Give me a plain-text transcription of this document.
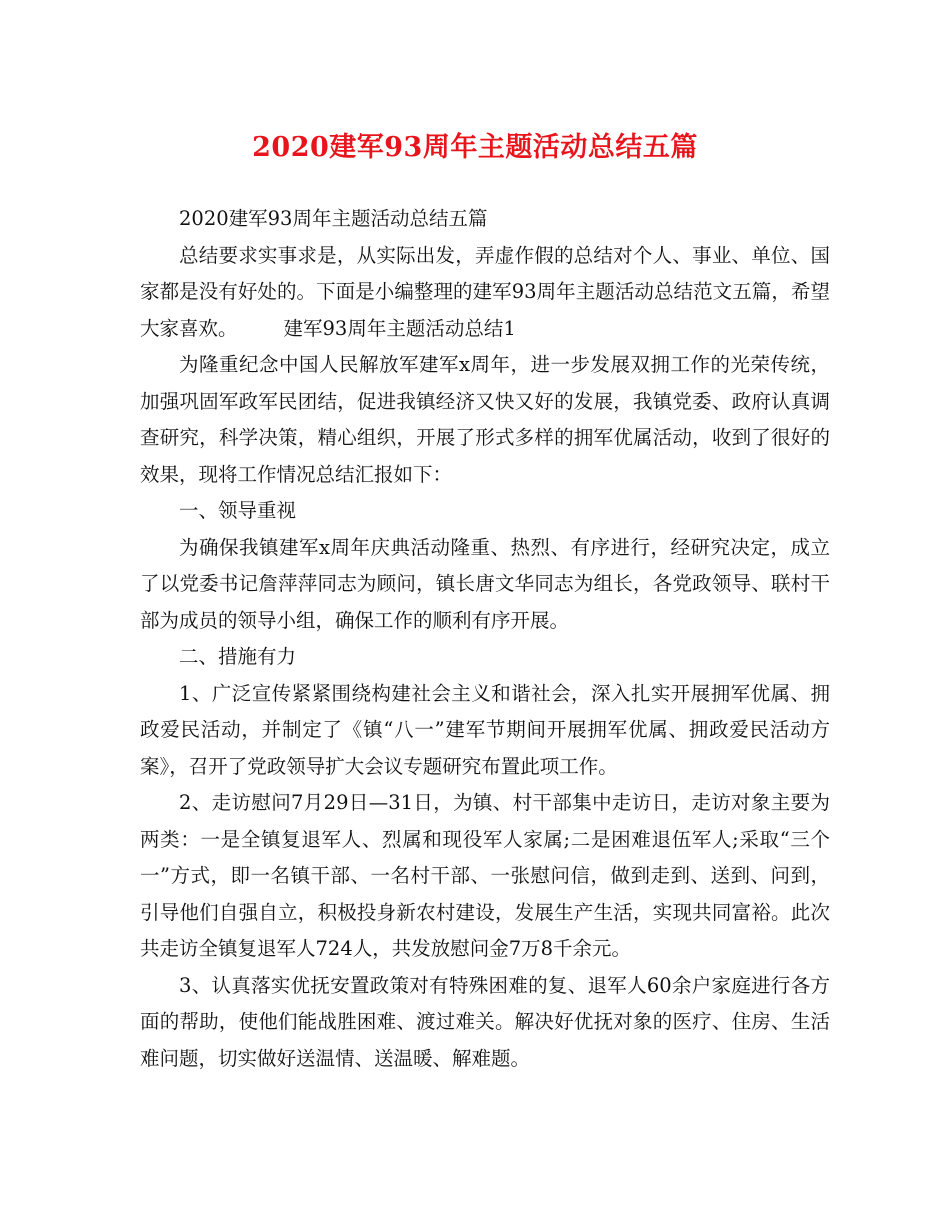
2020建军93周年主题活动总结五篇

2020建军93周年主题活动总结五篇

总结要求实事求是，从实际出发，弄虚作假的总结对个人、事业、单位、国家都是没有好处的。下面是小编整理的建军93周年主题活动总结范文五篇，希望大家喜欢。 建军93周年主题活动总结1

为隆重纪念中国人民解放军建军x周年，进一步发展双拥工作的光荣传统，加强巩固军政军民团结，促进我镇经济又快又好的发展，我镇党委、政府认真调查研究，科学决策，精心组织，开展了形式多样的拥军优属活动，收到了很好的效果，现将工作情况总结汇报如下：

一、领导重视

为确保我镇建军x周年庆典活动隆重、热烈、有序进行，经研究决定，成立了以党委书记詹萍萍同志为顾问，镇长唐文华同志为组长，各党政领导、联村干部为成员的领导小组，确保工作的顺利有序开展。

二、措施有力

1、广泛宣传紧紧围绕构建社会主义和谐社会，深入扎实开展拥军优属、拥政爱民活动，并制定了《镇“八一”建军节期间开展拥军优属、拥政爱民活动方案》，召开了党政领导扩大会议专题研究布置此项工作。

2、走访慰问7月29日—31日，为镇、村干部集中走访日，走访对象主要为两类：一是全镇复退军人、烈属和现役军人家属;二是困难退伍军人;采取“三个一”方式，即一名镇干部、一名村干部、一张慰问信，做到走到、送到、问到，引导他们自强自立，积极投身新农村建设，发展生产生活，实现共同富裕。此次共走访全镇复退军人724人，共发放慰问金7万8千余元。

3、认真落实优抚安置政策对有特殊困难的复、退军人60余户家庭进行各方面的帮助，使他们能战胜困难、渡过难关。解决好优抚对象的医疗、住房、生活难问题，切实做好送温情、送温暖、解难题。
